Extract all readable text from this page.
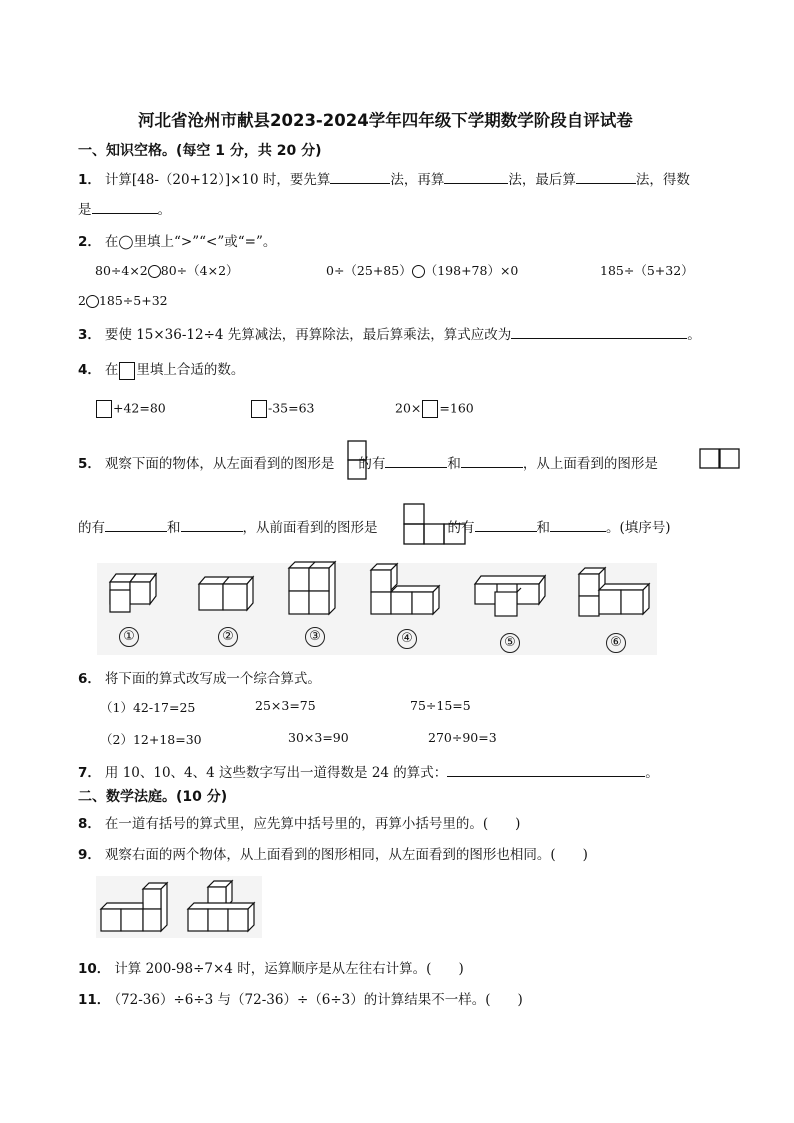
河北省沧州市献县2023-2024学年四年级下学期数学阶段自评试卷
一、知识空格。(每空 1 分，共 20 分)
1． 计算[48-（20+12）]×10 时，要先算	法，再算	法，最后算	法，得数
是	。
2． 在◯里填上“>”“<”或“=”。
80÷4×2 80÷（4×2）	0÷（25+85） （198+78）×0	185÷（5+32）
2 185÷5+32
3． 要使 15×36-12÷4 先算减法，再算除法，最后算乘法，算式应改为	。
4． 在 里填上合适的数。
+42=80	-35=63	20× =160
5． 观察下面的物体，从左面看到的图形是 的有	和	，从上面看到的图形是
的有	和	，从前面看到的图形是	的有	和	。(填序号)
①	②	③	④	⑤	⑥
6． 将下面的算式改写成一个综合算式。
（1）42-17=25	25×3=75	75÷15=5
（2）12+18=30	30×3=90	270÷90=3
7． 用 10、10、4、4 这些数字写出一道得数是 24 的算式：	。
二、数学法庭。(10 分)
8． 在一道有括号的算式里，应先算中括号里的，再算小括号里的。(　　)
9． 观察右面的两个物体，从上面看到的图形相同，从左面看到的图形也相同。(　　)
10． 计算 200-98÷7×4 时，运算顺序是从左往右计算。(　　)
11． （72-36）÷6÷3 与（72-36）÷（6÷3）的计算结果不一样。(　　)
